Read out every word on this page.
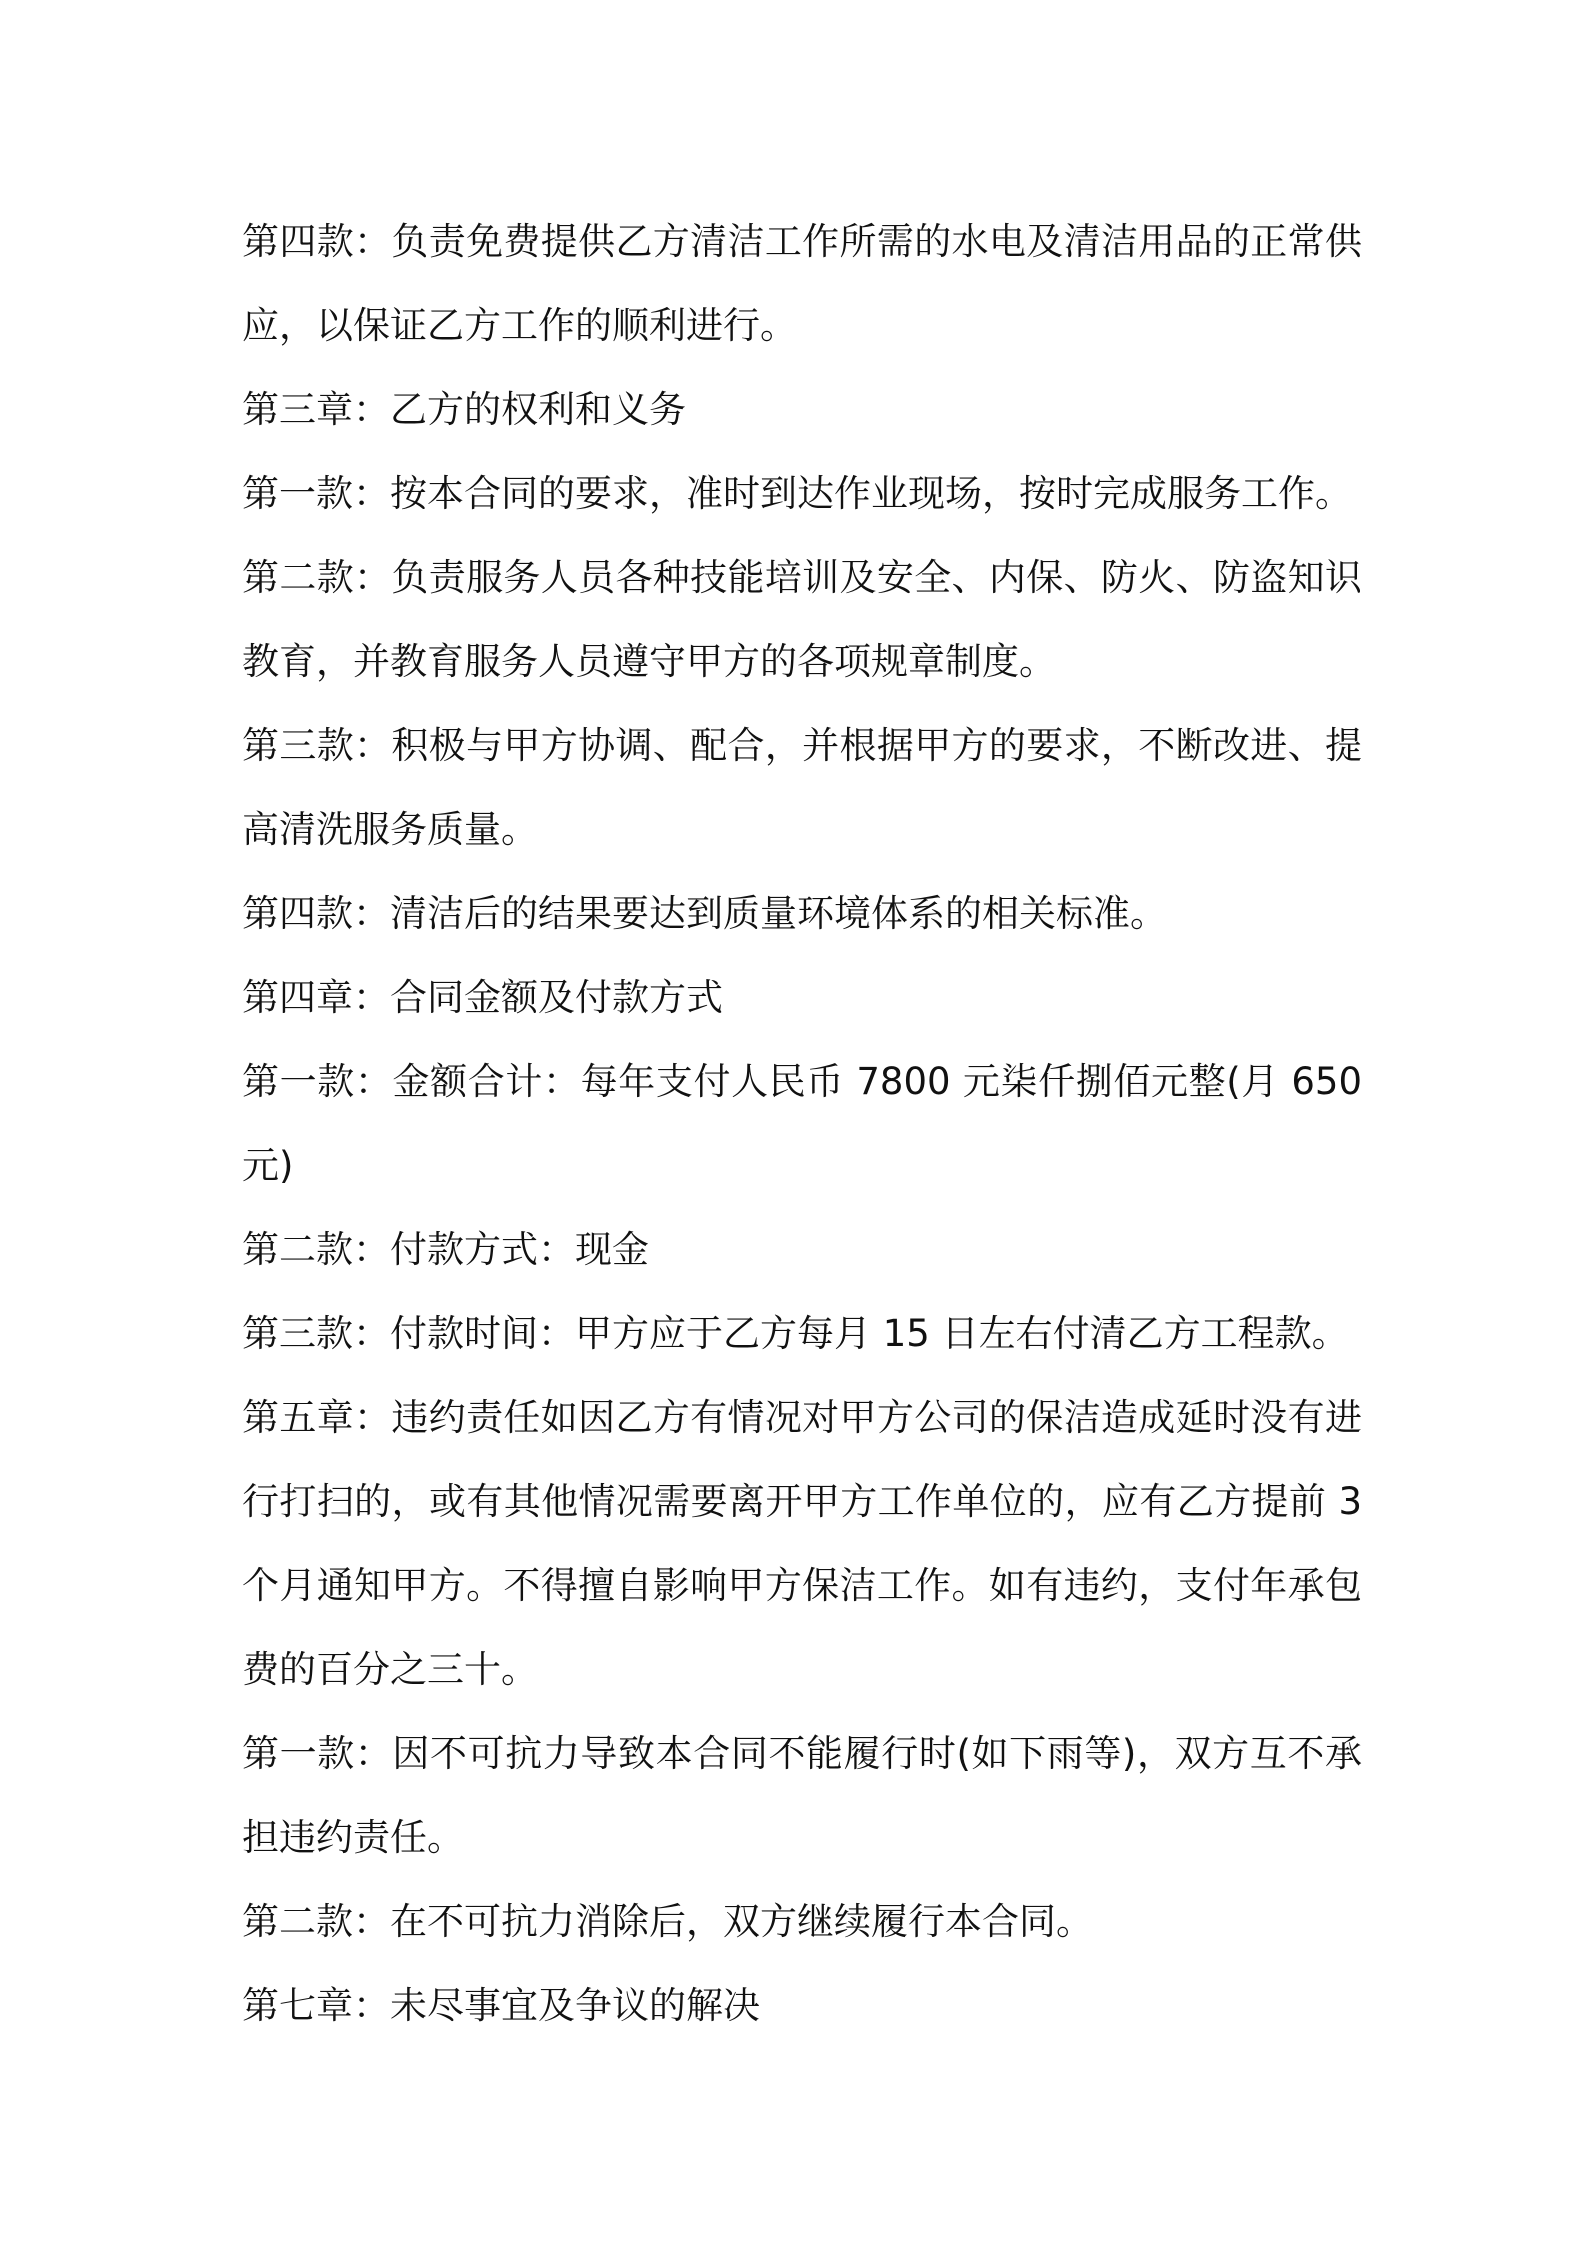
第四款：负责免费提供乙方清洁工作所需的水电及清洁用品的正常供应，以保证乙方工作的顺利进行。

第三章：乙方的权利和义务

第一款：按本合同的要求，准时到达作业现场，按时完成服务工作。

第二款：负责服务人员各种技能培训及安全、内保、防火、防盗知识教育，并教育服务人员遵守甲方的各项规章制度。

第三款：积极与甲方协调、配合，并根据甲方的要求，不断改进、提高清洗服务质量。

第四款：清洁后的结果要达到质量环境体系的相关标准。

第四章：合同金额及付款方式

第一款：金额合计：每年支付人民币 7800 元柒仟捌佰元整(月 650 元)

第二款：付款方式：现金

第三款：付款时间：甲方应于乙方每月 15 日左右付清乙方工程款。

第五章：违约责任如因乙方有情况对甲方公司的保洁造成延时没有进行打扫的，或有其他情况需要离开甲方工作单位的，应有乙方提前 3 个月通知甲方。不得擅自影响甲方保洁工作。如有违约，支付年承包费的百分之三十。

第一款：因不可抗力导致本合同不能履行时(如下雨等)，双方互不承担违约责任。

第二款：在不可抗力消除后，双方继续履行本合同。

第七章：未尽事宜及争议的解决
